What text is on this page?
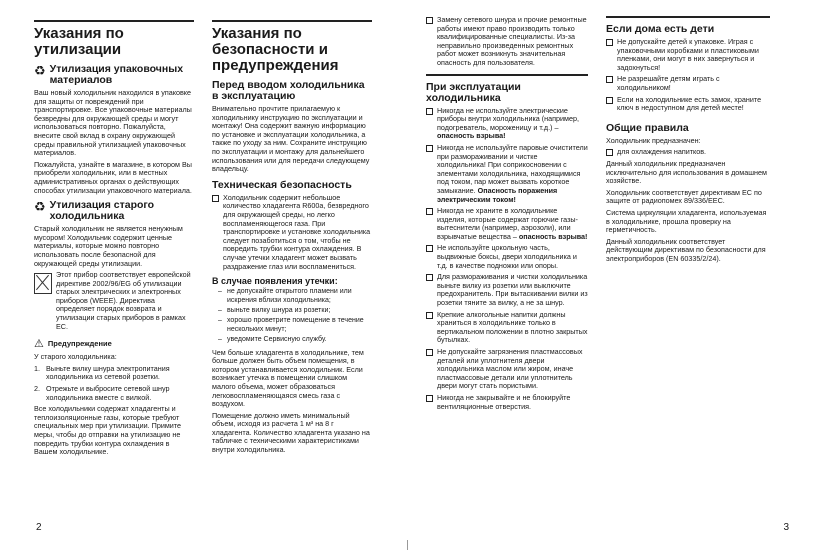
Указания по утилизации
♻ Утилизация упаковочных материалов

Ваш новый холодильник находился в упаковке для защиты от повреждений при транспортировке. Все упаковочные материалы безвредны для окружающей среды и могут использоваться повторно. Пожалуйста, внесите свой вклад в охрану окружающей среды правильной утилизацией упаковочных материалов.

Пожалуйста, узнайте в магазине, в котором Вы приобрели холодильник, или в местных административных органах о действующих способах утилизации упаковочного материала.

♻ Утилизация старого холодильника

Старый холодильник не является ненужным мусором! Холодильник содержит ценные материалы, которые можно повторно использовать после безопасной для окружающей среды утилизации.

Этот прибор соответствует европейской директиве 2002/96/EG об утилизации старых электрических и электронных приборов (WEEE). Директива определяет порядок возврата и утилизации старых приборов в рамках ЕС.

⚠ Предупреждение

У старого холодильника:

1. Выньте вилку шнура электропитания холодильника из сетевой розетки.
2. Отрежьте и выбросите сетевой шнур холодильника вместе с вилкой.

Все холодильники содержат хладагенты и теплоизоляционные газы, которые требуют специальных мер при утилизации. Примите меры, чтобы до отправки на утилизацию не повредить трубки контура охлаждения в Вашем холодильнике.

Указания по безопасности и предупреждения
Перед вводом холодильника в эксплуатацию

Внимательно прочтите прилагаемую к холодильнику инструкцию по эксплуатации и монтажу! Она содержит важную информацию по установке и эксплуатации холодильника, а также по уходу за ним. Сохраните инструкцию по эксплуатации и монтажу для дальнейшего использования или для передачи следующему владельцу.

Техническая безопасность
Холодильник содержит небольшое количество хладагента R600a, безвредного для окружающей среды, но легко воспламеняющегося газа. При транспортировке и установке холодильника следует позаботиться о том, чтобы не повредить трубки контура охлаждения. В случае утечки хладагент может вызвать раздражение глаз или воспламениться.
В случае появления утечки:
– не допускайте открытого пламени или искрения вблизи холодильника;
– выньте вилку шнура из розетки;
– хорошо проветрите помещение в течение нескольких минут;
– уведомите Сервисную службу.

Чем больше хладагента в холодильнике, тем больше должен быть объем помещения, в котором устанавливается холодильник. Если возникает утечка в помещении слишком малого объема, может образоваться легковоспламеняющаяся смесь газа с воздухом.

Помещение должно иметь минимальный объем, исходя из расчета 1 м³ на 8 г хладагента. Количество хладагента указано на табличке с техническими характеристиками внутри холодильника.

2
Замену сетевого шнура и прочие ремонтные работы имеют право производить только квалифицированные специалисты. Из-за неправильно произведенных ремонтных работ может возникнуть значительная опасность для пользователя.
При эксплуатации холодильника
Никогда не используйте электрические приборы внутри холодильника (например, подогреватель, мороженицу и т.д.) – опасность взрыва!
Никогда не используйте паровые очистители при размораживании и чистке холодильника! При соприкосновении с элементами холодильника, находящимися под током, пар может вызвать короткое замыкание. Опасность поражения электрическим током!
Никогда не храните в холодильнике изделия, которые содержат горючие газы-вытеснители (например, аэрозоли), или взрывчатые вещества – опасность взрыва!
Не используйте цокольную часть, выдвижные боксы, двери холодильника и т.д. в качестве подножки или опоры.
Для размораживания и чистки холодильника выньте вилку из розетки или выключите предохранитель. При вытаскивании вилки из розетки тяните за вилку, а не за шнур.
Крепкие алкогольные напитки должны храниться в холодильнике только в вертикальном положении в плотно закрытых бутылках.
Не допускайте загрязнения пластмассовых деталей или уплотнителя двери холодильника маслом или жиром, иначе пластмассовые детали или уплотнитель двери могут стать пористыми.
Никогда не закрывайте и не блокируйте вентиляционные отверстия.
Если дома есть дети
Не допускайте детей к упаковке. Играя с упаковочными коробками и пластиковыми пленками, они могут в них завернуться и задохнуться!
Не разрешайте детям играть с холодильником!
Если на холодильнике есть замок, храните ключ в недоступном для детей месте!
Общие правила

Холодильник предназначен:

для охлаждения напитков.

Данный холодильник предназначен исключительно для использования в домашнем хозяйстве.

Холодильник соответствует директивам ЕС по защите от радиопомех 89/336/EEC.

Система циркуляции хладагента, используемая в холодильнике, прошла проверку на герметичность.

Данный холодильник соответствует действующим директивам по безопасности для электроприборов (EN 60335/2/24).

3
